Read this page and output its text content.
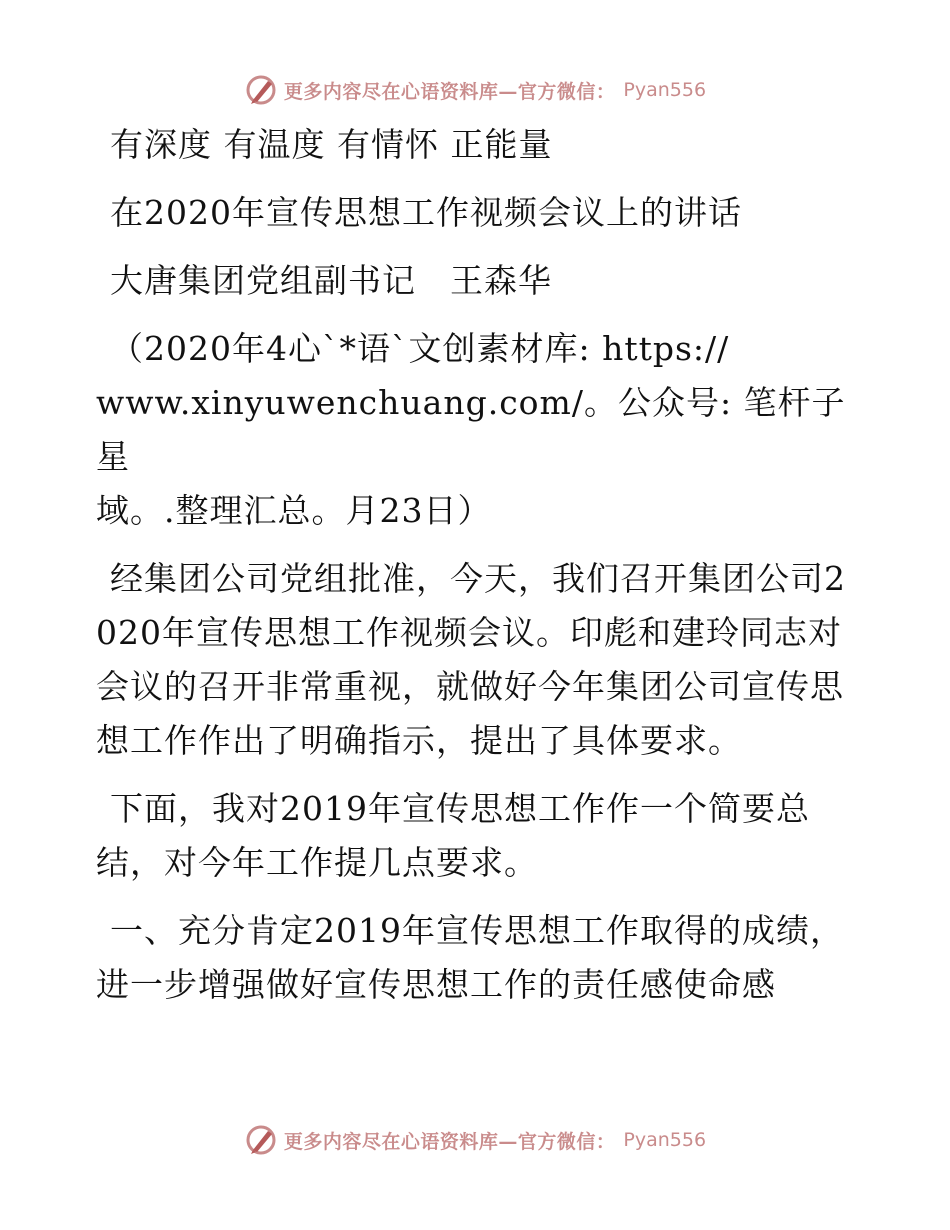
更多内容尽在心语资料库—官方微信： Pyan556

有深度 有温度 有情怀 正能量

在2020年宣传思想工作视频会议上的讲话

大唐集团党组副书记　王森华

（2020年4心`*语`文创素材库: https://
www.xinyuwenchuang.com/。公众号: 笔杆子星
域。.整理汇总。月23日）

经集团公司党组批准，今天，我们召开集团公司2020年宣传思想工作视频会议。印彪和建玲同志对会议的召开非常重视，就做好今年集团公司宣传思想工作作出了明确指示，提出了具体要求。

下面，我对2019年宣传思想工作作一个简要总结，对今年工作提几点要求。

一、充分肯定2019年宣传思想工作取得的成绩，进一步增强做好宣传思想工作的责任感使命感

更多内容尽在心语资料库—官方微信： Pyan556
